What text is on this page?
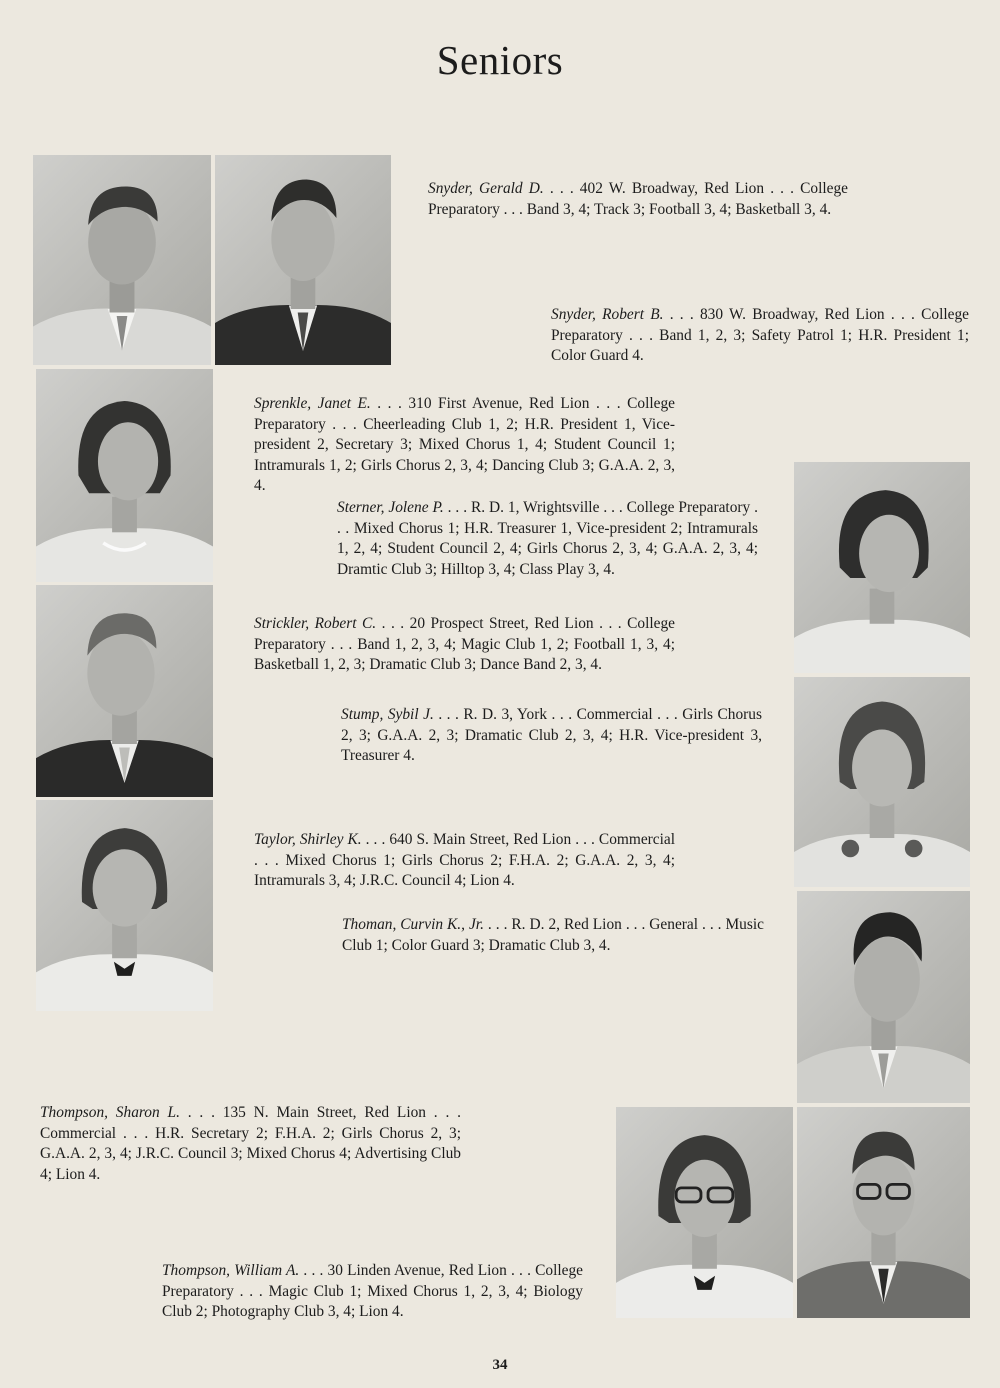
Seniors
Snyder, Gerald D. . . . 402 W. Broadway, Red Lion . . . College Preparatory . . . Band 3, 4; Track 3; Football 3, 4; Basketball 3, 4.
Snyder, Robert B. . . . 830 W. Broadway, Red Lion . . . College Preparatory . . . Band 1, 2, 3; Safety Patrol 1; H.R. President 1; Color Guard 4.
Sprenkle, Janet E. . . . 310 First Avenue, Red Lion . . . College Preparatory . . . Cheerleading Club 1, 2; H.R. President 1, Vice-president 2, Secretary 3; Mixed Chorus 1, 4; Student Council 1; Intramurals 1, 2; Girls Chorus 2, 3, 4; Dancing Club 3; G.A.A. 2, 3, 4.
Sterner, Jolene P. . . . R. D. 1, Wrightsville . . . College Preparatory . . . Mixed Chorus 1; H.R. Treasurer 1, Vice-president 2; Intramurals 1, 2, 4; Student Council 2, 4; Girls Chorus 2, 3, 4; G.A.A. 2, 3, 4; Dramtic Club 3; Hilltop 3, 4; Class Play 3, 4.
Strickler, Robert C. . . . 20 Prospect Street, Red Lion . . . College Preparatory . . . Band 1, 2, 3, 4; Magic Club 1, 2; Football 1, 3, 4; Basketball 1, 2, 3; Dramatic Club 3; Dance Band 2, 3, 4.
Stump, Sybil J. . . . R. D. 3, York . . . Commercial . . . Girls Chorus 2, 3; G.A.A. 2, 3; Dramatic Club 2, 3, 4; H.R. Vice-president 3, Treasurer 4.
Taylor, Shirley K. . . . 640 S. Main Street, Red Lion . . . Commercial . . . Mixed Chorus 1; Girls Chorus 2; F.H.A. 2; G.A.A. 2, 3, 4; Intramurals 3, 4; J.R.C. Council 4; Lion 4.
Thoman, Curvin K., Jr. . . . R. D. 2, Red Lion . . . General . . . Music Club 1; Color Guard 3; Dramatic Club 3, 4.
Thompson, Sharon L. . . . 135 N. Main Street, Red Lion . . . Commercial . . . H.R. Secretary 2; F.H.A. 2; Girls Chorus 2, 3; G.A.A. 2, 3, 4; J.R.C. Council 3; Mixed Chorus 4; Advertising Club 4; Lion 4.
Thompson, William A. . . . 30 Linden Avenue, Red Lion . . . College Preparatory . . . Magic Club 1; Mixed Chorus 1, 2, 3, 4; Biology Club 2; Photography Club 3, 4; Lion 4.
34
